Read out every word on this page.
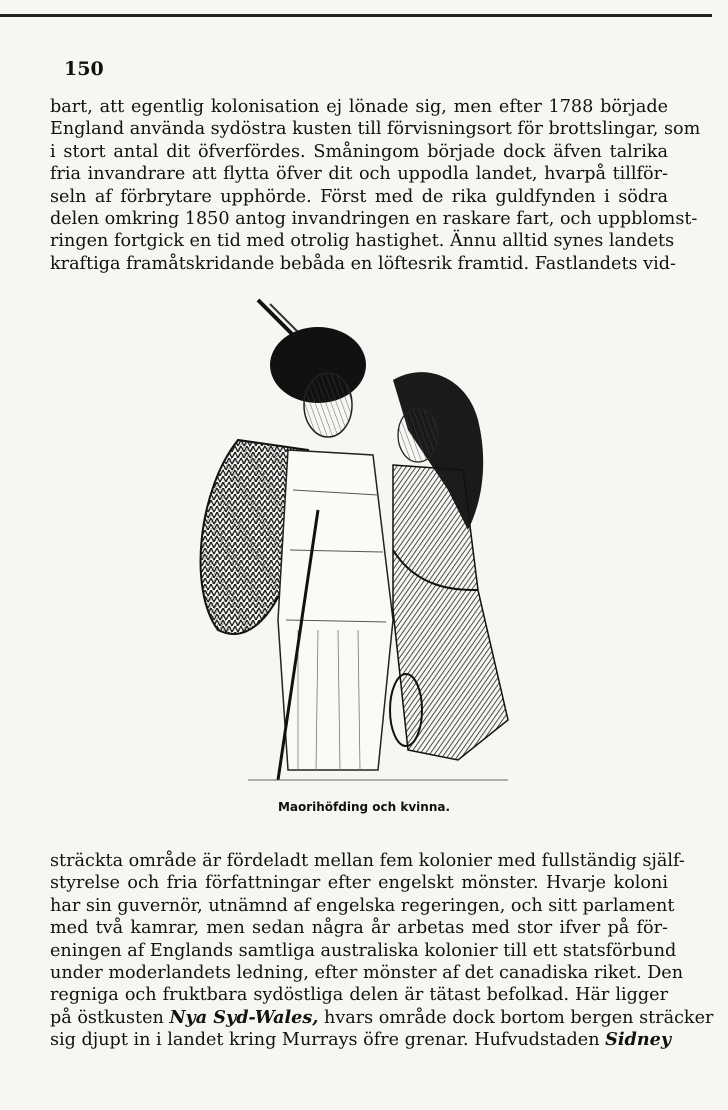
150
bart, att egentlig kolonisation ej lönade sig, men efter 1788 började
England använda sydöstra kusten till förvisningsort för brottslingar, som
i stort antal dit öfverfördes. Småningom började dock äfven talrika
fria invandrare att flytta öfver dit och uppodla landet, hvarpå tillför-
seln af förbrytare upphörde. Först med de rika guldfynden i södra
delen omkring 1850 antog invandringen en raskare fart, och uppblomst-
ringen fortgick en tid med otrolig hastighet. Ännu alltid synes landets
kraftiga framåtskridande bebåda en löftesrik framtid. Fastlandets vid-
Maorihöfding och kvinna.
sträckta område är fördeladt mellan fem kolonier med fullständig själf-
styrelse och fria författningar efter engelskt mönster. Hvarje koloni
har sin guvernör, utnämnd af engelska regeringen, och sitt parlament
med två kamrar, men sedan några år arbetas med stor ifver på för-
eningen af Englands samtliga australiska kolonier till ett statsförbund
under moderlandets ledning, efter mönster af det canadiska riket. Den
regniga och fruktbara sydöstliga delen är tätast befolkad. Här ligger
på östkusten Nya Syd-Wales, hvars område dock bortom bergen sträcker
sig djupt in i landet kring Murrays öfre grenar. Hufvudstaden Sidney
